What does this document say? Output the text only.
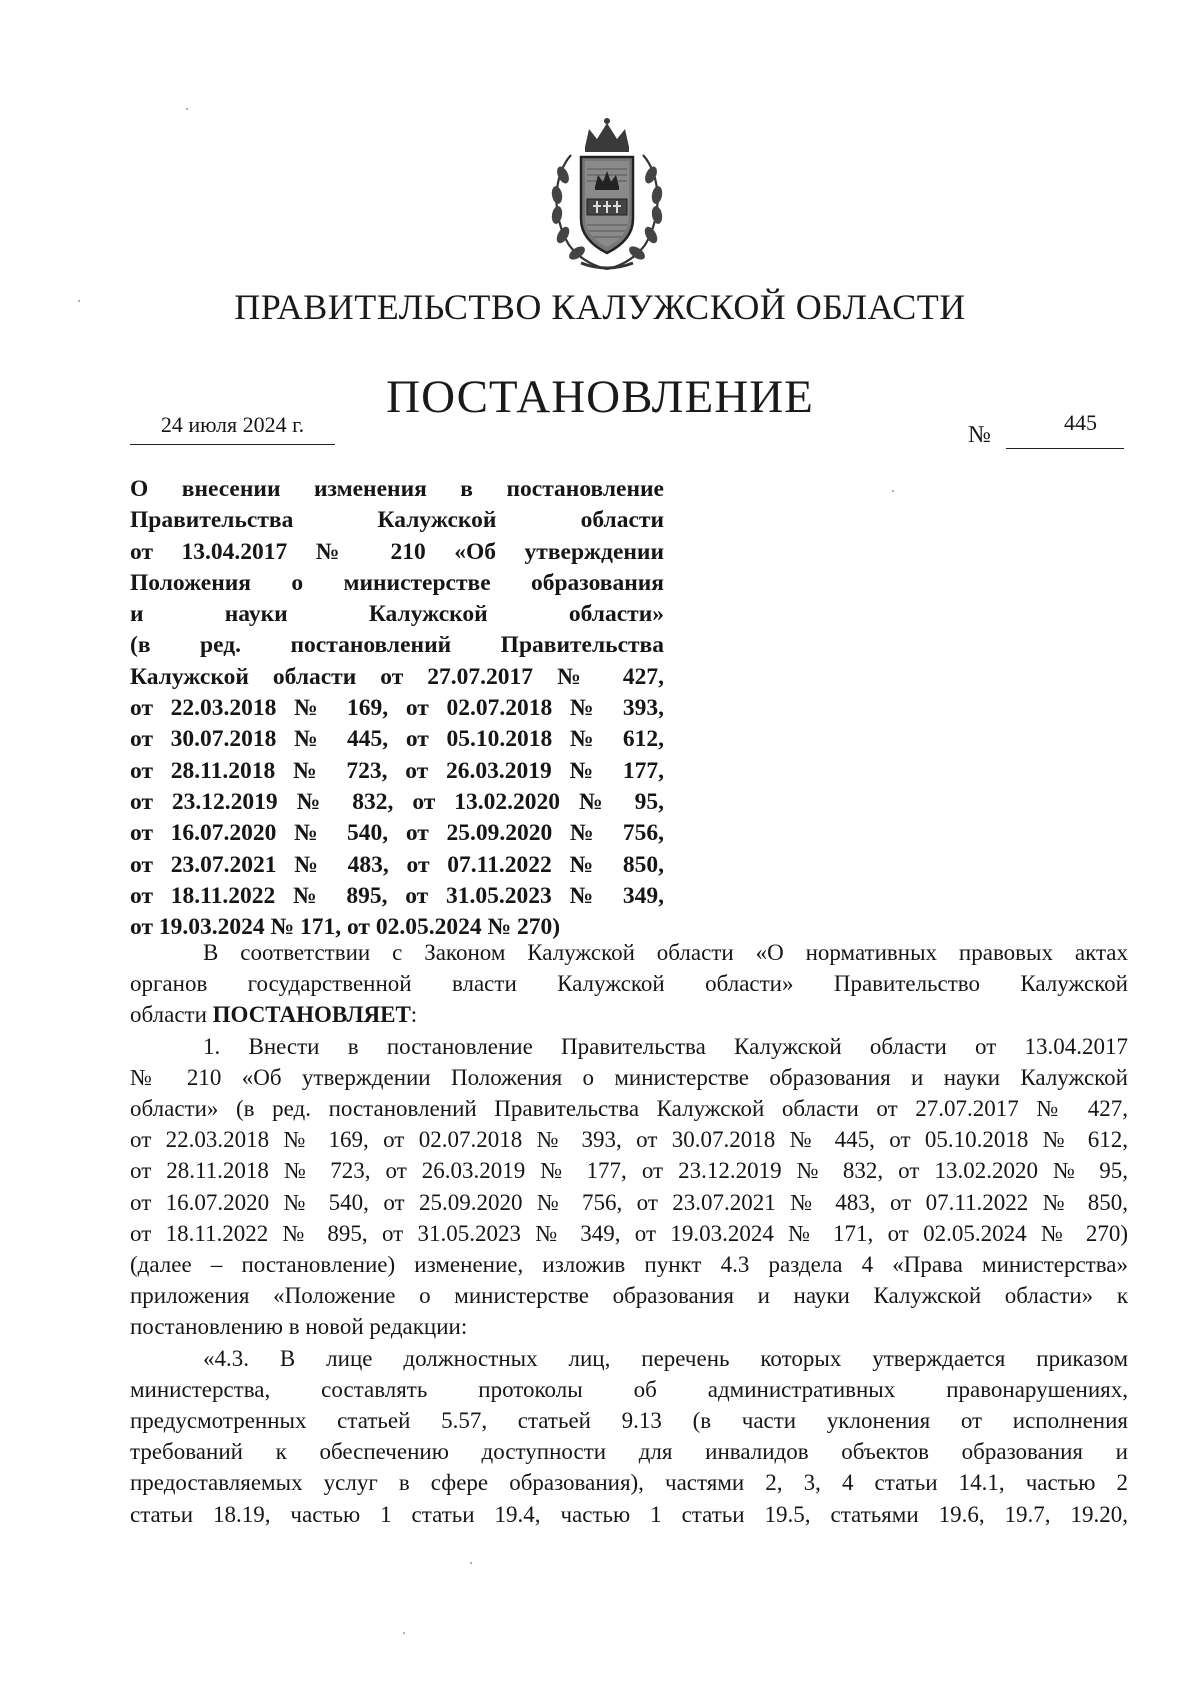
ПРАВИТЕЛЬСТВО КАЛУЖСКОЙ ОБЛАСТИ
ПОСТАНОВЛЕНИЕ
24 июля 2024 г.	№	445
О внесении изменения в постановление
Правительства Калужской области
от 13.04.2017 № 210 «Об утверждении
Положения о министерстве образования
и науки Калужской области»
(в ред. постановлений Правительства
Калужской области от 27.07.2017 № 427,
от 22.03.2018 № 169, от 02.07.2018 № 393,
от 30.07.2018 № 445, от 05.10.2018 № 612,
от 28.11.2018 № 723, от 26.03.2019 № 177,
от 23.12.2019 № 832, от 13.02.2020 № 95,
от 16.07.2020 № 540, от 25.09.2020 № 756,
от 23.07.2021 № 483, от 07.11.2022 № 850,
от 18.11.2022 № 895, от 31.05.2023 № 349,
от 19.03.2024 № 171, от 02.05.2024 № 270)
В соответствии с Законом Калужской области «О нормативных правовых актах
органов государственной власти Калужской области» Правительство Калужской
области ПОСТАНОВЛЯЕТ:
1. Внести в постановление Правительства Калужской области от 13.04.2017
№ 210 «Об утверждении Положения о министерстве образования и науки Калужской
области» (в ред. постановлений Правительства Калужской области от 27.07.2017 № 427,
от 22.03.2018 № 169, от 02.07.2018 № 393, от 30.07.2018 № 445, от 05.10.2018 № 612,
от 28.11.2018 № 723, от 26.03.2019 № 177, от 23.12.2019 № 832, от 13.02.2020 № 95,
от 16.07.2020 № 540, от 25.09.2020 № 756, от 23.07.2021 № 483, от 07.11.2022 № 850,
от 18.11.2022 № 895, от 31.05.2023 № 349, от 19.03.2024 № 171, от 02.05.2024 № 270)
(далее – постановление) изменение, изложив пункт 4.3 раздела 4 «Права министерства»
приложения «Положение о министерстве образования и науки Калужской области» к
постановлению в новой редакции:
«4.3. В лице должностных лиц, перечень которых утверждается приказом
министерства, составлять протоколы об административных правонарушениях,
предусмотренных статьей 5.57, статьей 9.13 (в части уклонения от исполнения
требований к обеспечению доступности для инвалидов объектов образования и
предоставляемых услуг в сфере образования), частями 2, 3, 4 статьи 14.1, частью 2
статьи 18.19, частью 1 статьи 19.4, частью 1 статьи 19.5, статьями 19.6, 19.7, 19.20,
